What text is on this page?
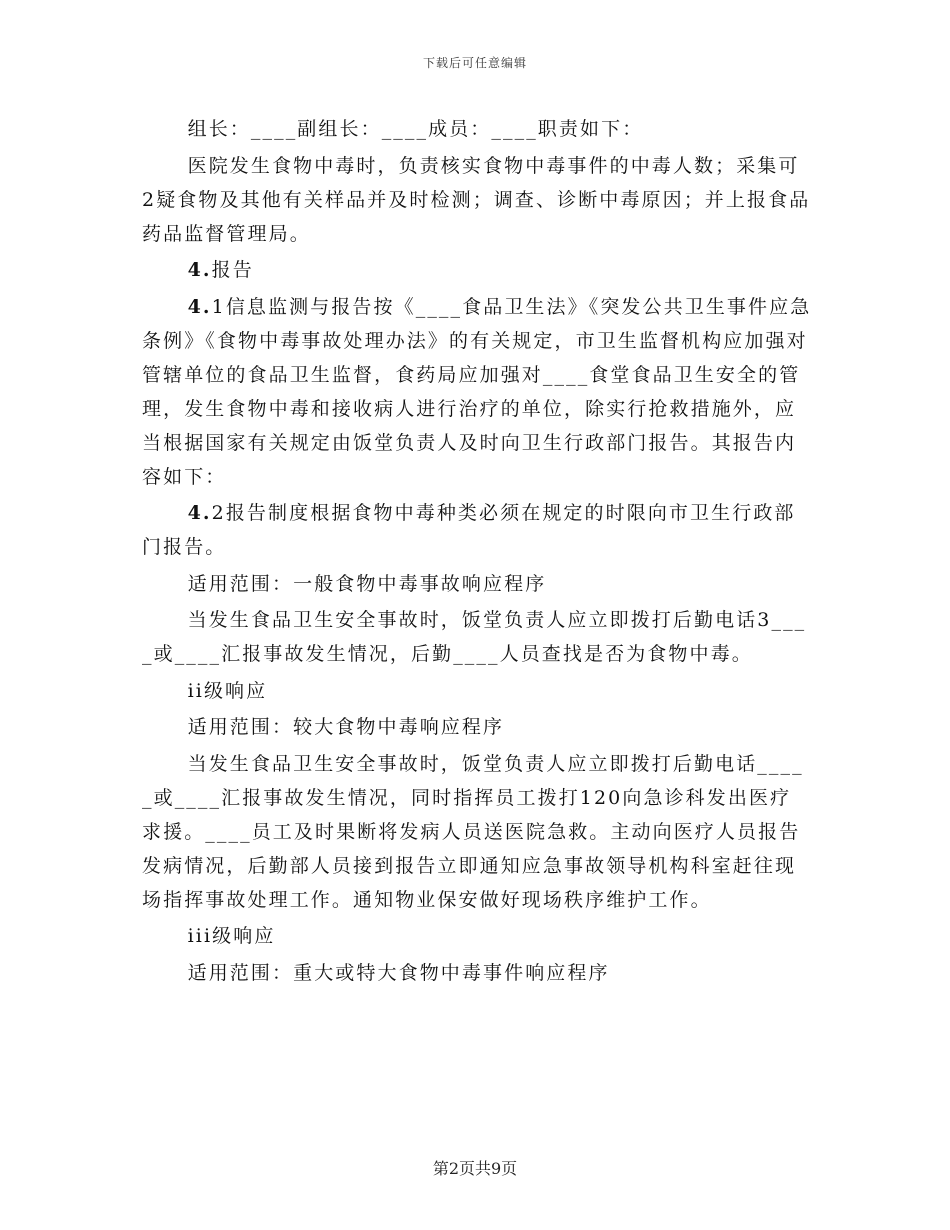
下载后可任意编辑

组长：____副组长：____成员：____职责如下：

医院发生食物中毒时，负责核实食物中毒事件的中毒人数；采集可2疑食物及其他有关样品并及时检测；调查、诊断中毒原因；并上报食品药品监督管理局。

4.报告

4.1信息监测与报告按《____食品卫生法》《突发公共卫生事件应急条例》《食物中毒事故处理办法》的有关规定，市卫生监督机构应加强对管辖单位的食品卫生监督，食药局应加强对____食堂食品卫生安全的管理，发生食物中毒和接收病人进行治疗的单位，除实行抢救措施外，应当根据国家有关规定由饭堂负责人及时向卫生行政部门报告。其报告内容如下：

4.2报告制度根据食物中毒种类必须在规定的时限向市卫生行政部门报告。

适用范围：一般食物中毒事故响应程序

当发生食品卫生安全事故时，饭堂负责人应立即拨打后勤电话3____或____汇报事故发生情况，后勤____人员查找是否为食物中毒。

ii级响应

适用范围：较大食物中毒响应程序

当发生食品卫生安全事故时，饭堂负责人应立即拨打后勤电话_____或____汇报事故发生情况，同时指挥员工拨打120向急诊科发出医疗求援。____员工及时果断将发病人员送医院急救。主动向医疗人员报告发病情况，后勤部人员接到报告立即通知应急事故领导机构科室赶往现场指挥事故处理工作。通知物业保安做好现场秩序维护工作。

iii级响应

适用范围：重大或特大食物中毒事件响应程序

第2页共9页
